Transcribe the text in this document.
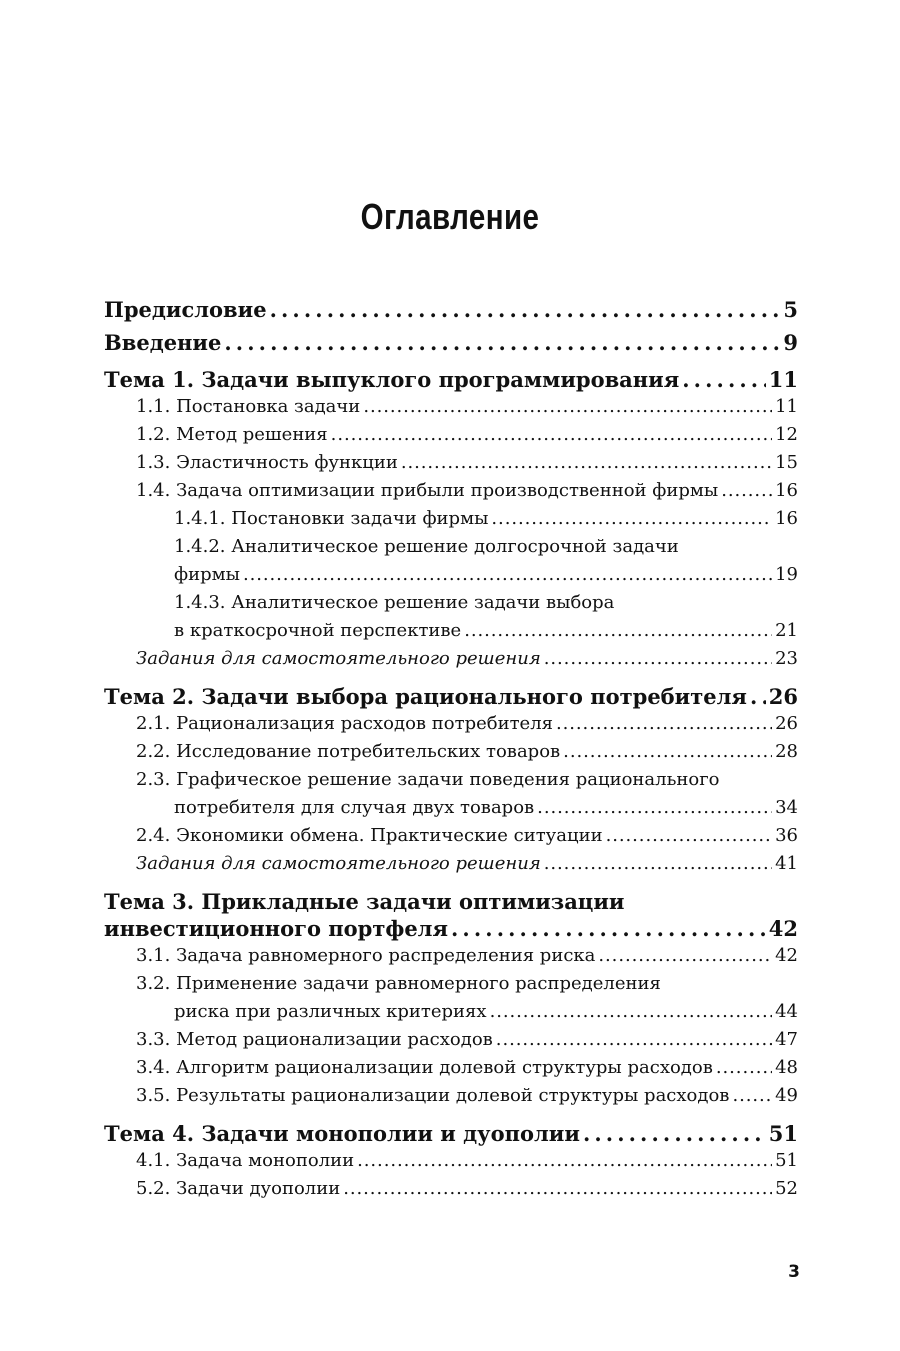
Оглавление
Предисловие . . .	5
Введение . . .	9
Тема 1. Задачи выпуклого программирования . . .	11
1.1. Постановка задачи . . .	11
1.2. Метод решения . . .	12
1.3. Эластичность функции . . .	15
1.4. Задача оптимизации прибыли производственной фирмы . . .	16
1.4.1. Постановки задачи фирмы . . .	16
1.4.2. Аналитическое решение долгосрочной задачи
фирмы . . .	19
1.4.3. Аналитическое решение задачи выбора
в краткосрочной перспективе . . .	21
Задания для самостоятельного решения . . .	23
Тема 2. Задачи выбора рационального потребителя . . . 26
2.1. Рационализация расходов потребителя . . .	26
2.2. Исследование потребительских товаров . . .	28
2.3. Графическое решение задачи поведения рационального
потребителя для случая двух товаров . . .	34
2.4. Экономики обмена. Практические ситуации . . .	36
Задания для самостоятельного решения . . .	41
Тема 3. Прикладные задачи оптимизации
инвестиционного портфеля . . .	42
3.1. Задача равномерного распределения риска . . .	42
3.2. Применение задачи равномерного распределения
риска при различных критериях . . .	44
3.3. Метод рационализации расходов . . .	47
3.4. Алгоритм рационализации долевой структуры расходов . . .	48
3.5. Результаты рационализации долевой структуры расходов . . .	49
Тема 4. Задачи монополии и дуополии . . .	51
4.1. Задача монополии . . .	51
5.2. Задачи дуополии . . .	52
3
